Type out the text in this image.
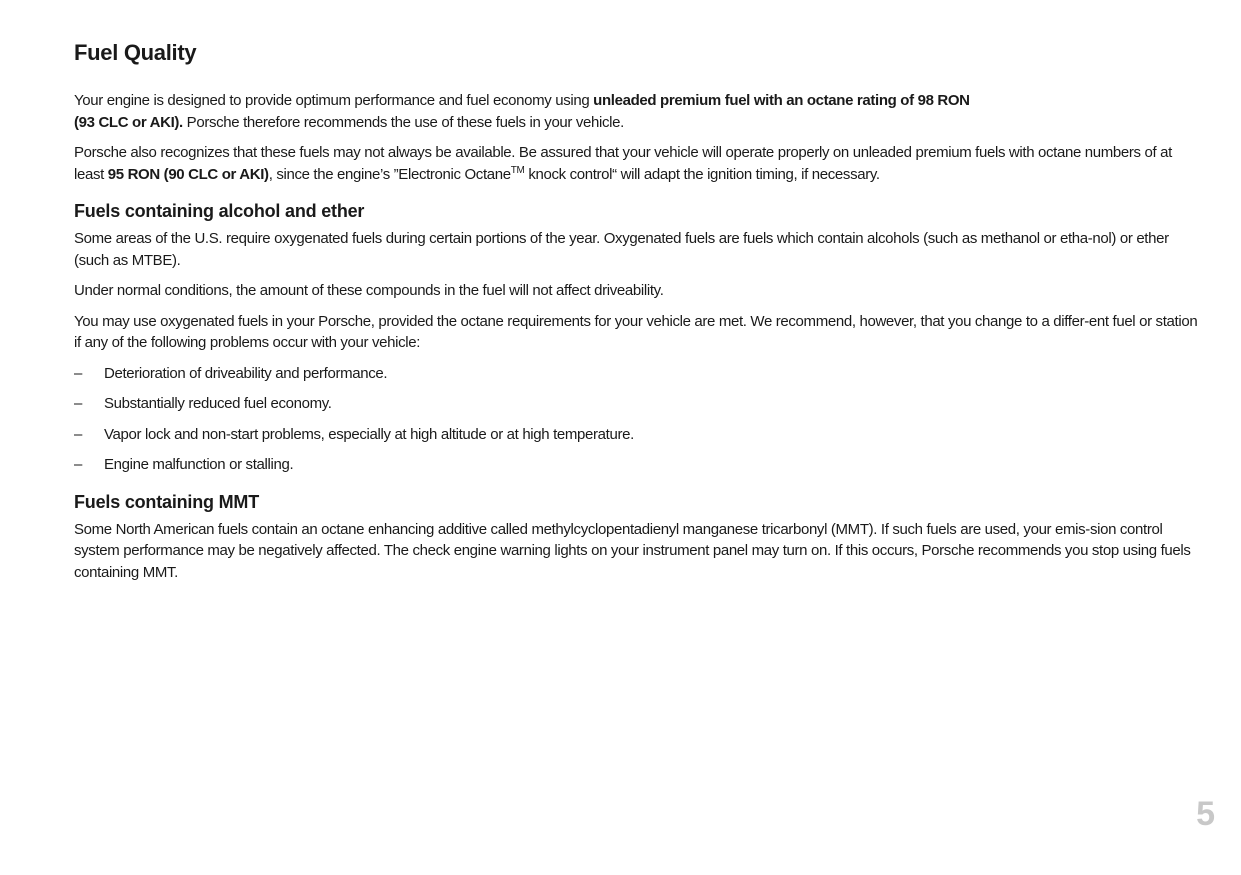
Fuel Quality

Your engine is designed to provide optimum performance and fuel economy using unleaded premium fuel with an octane rating of 98 RON
(93 CLC or AKI). Porsche therefore recommends the use of these fuels in your vehicle.

Porsche also recognizes that these fuels may not always be available. Be assured that your vehicle will operate properly on unleaded premium fuels with octane numbers of at least 95 RON (90 CLC or AKI), since the engine’s ”Electronic Octane™ knock control“ will adapt the ignition timing, if necessary.

Fuels containing alcohol and ether

Some areas of the U.S. require oxygenated fuels during certain portions of the year. Oxygenated fuels are fuels which contain alcohols (such as methanol or etha-nol) or ether (such as MTBE).

Under normal conditions, the amount of these compounds in the fuel will not affect driveability.

You may use oxygenated fuels in your Porsche, provided the octane requirements for your vehicle are met. We recommend, however, that you change to a differ-ent fuel or station if any of the following problems occur with your vehicle:

– Deterioration of driveability and performance.
– Substantially reduced fuel economy.
– Vapor lock and non-start problems, especially at high altitude or at high temperature.
– Engine malfunction or stalling.
Fuels containing MMT

Some North American fuels contain an octane enhancing additive called methylcyclopentadienyl manganese tricarbonyl (MMT). If such fuels are used, your emis-sion control system performance may be negatively affected. The check engine warning lights on your instrument panel may turn on. If this occurs, Porsche recommends you stop using fuels containing MMT.

5
